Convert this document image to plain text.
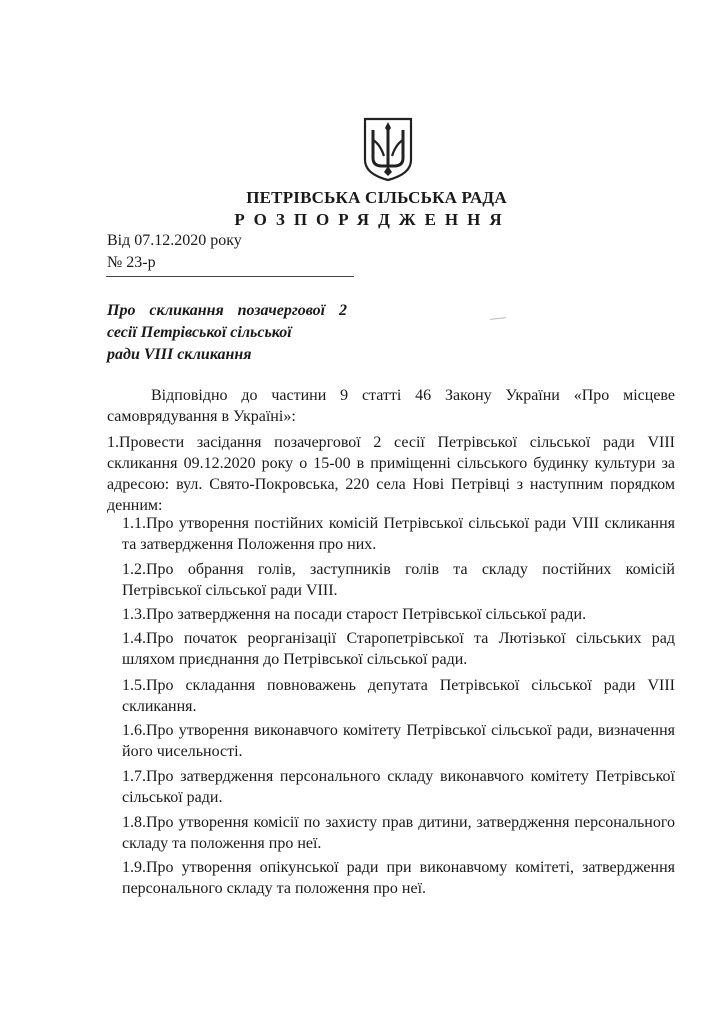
ПЕТРІВСЬКА СІЛЬСЬКА РАДА
РОЗПОРЯДЖЕННЯ
Від 07.12.2020 року
№ 23-р
Про скликання позачергової 2
сесії Петрівської сільської
ради VIII скликання
Відповідно до частини 9 статті 46 Закону України «Про місцеве
самоврядування в Україні»:
1.Провести засідання позачергової 2 сесії Петрівської сільської ради VIII скликання 09.12.2020 року о 15-00 в приміщенні сільського будинку культури за адресою: вул. Свято-Покровська, 220 села Нові Петрівці з наступним порядком денним:
1.1.Про утворення постійних комісій Петрівської сільської ради VIII скликання та затвердження Положення про них.
1.2.Про обрання голів, заступників голів та складу постійних комісій Петрівської сільської ради VIII.
1.3.Про затвердження на посади старост Петрівської сільської ради.
1.4.Про початок реорганізації Старопетрівської та Лютізької сільських рад шляхом приєднання до Петрівської сільської ради.
1.5.Про складання повноважень депутата Петрівської сільської ради VIII скликання.
1.6.Про утворення виконавчого комітету Петрівської сільської ради, визначення його чисельності.
1.7.Про затвердження персонального складу виконавчого комітету Петрівської сільської ради.
1.8.Про утворення комісії по захисту прав дитини, затвердження персонального складу та положення про неї.
1.9.Про утворення опікунської ради при виконавчому комітеті, затвердження персонального складу та положення про неї.
